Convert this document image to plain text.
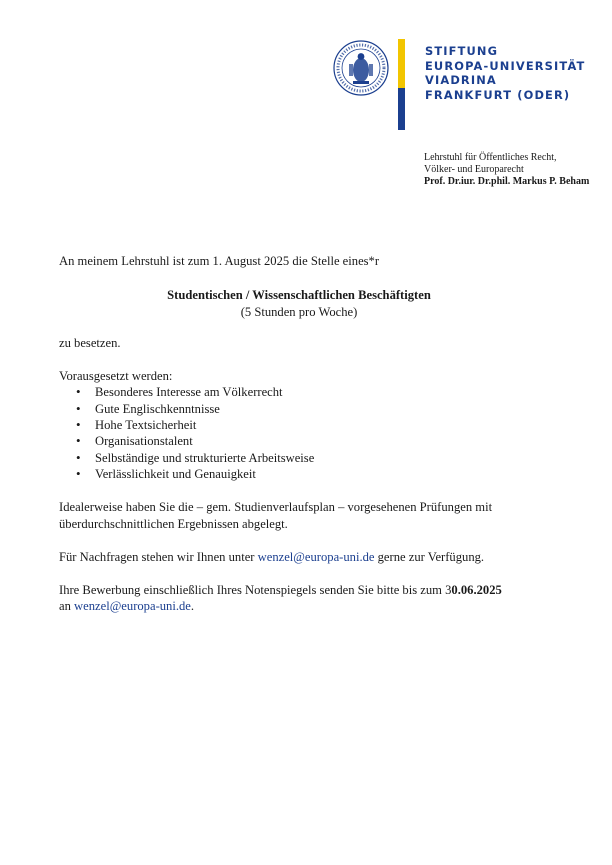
STIFTUNG
EUROPA-UNIVERSITÄT
VIADRINA
FRANKFURT (ODER)
Lehrstuhl für Öffentliches Recht,
Völker- und Europarecht
Prof. Dr.iur. Dr.phil. Markus P. Beham

An meinem Lehrstuhl ist zum 1. August 2025 die Stelle eines*r

Studentischen / Wissenschaftlichen Beschäftigten
(5 Stunden pro Woche)

zu besetzen.

Vorausgesetzt werden:

• Besonderes Interesse am Völkerrecht
• Gute Englischkenntnisse
• Hohe Textsicherheit
• Organisationstalent
• Selbständige und strukturierte Arbeitsweise
• Verlässlichkeit und Genauigkeit

Idealerweise haben Sie die – gem. Studienverlaufsplan – vorgesehenen Prüfungen mit
überdurchschnittlichen Ergebnissen abgelegt.

Für Nachfragen stehen wir Ihnen unter wenzel@europa-uni.de gerne zur Verfügung.

Ihre Bewerbung einschließlich Ihres Notenspiegels senden Sie bitte bis zum 30.06.2025
an wenzel@europa-uni.de.
